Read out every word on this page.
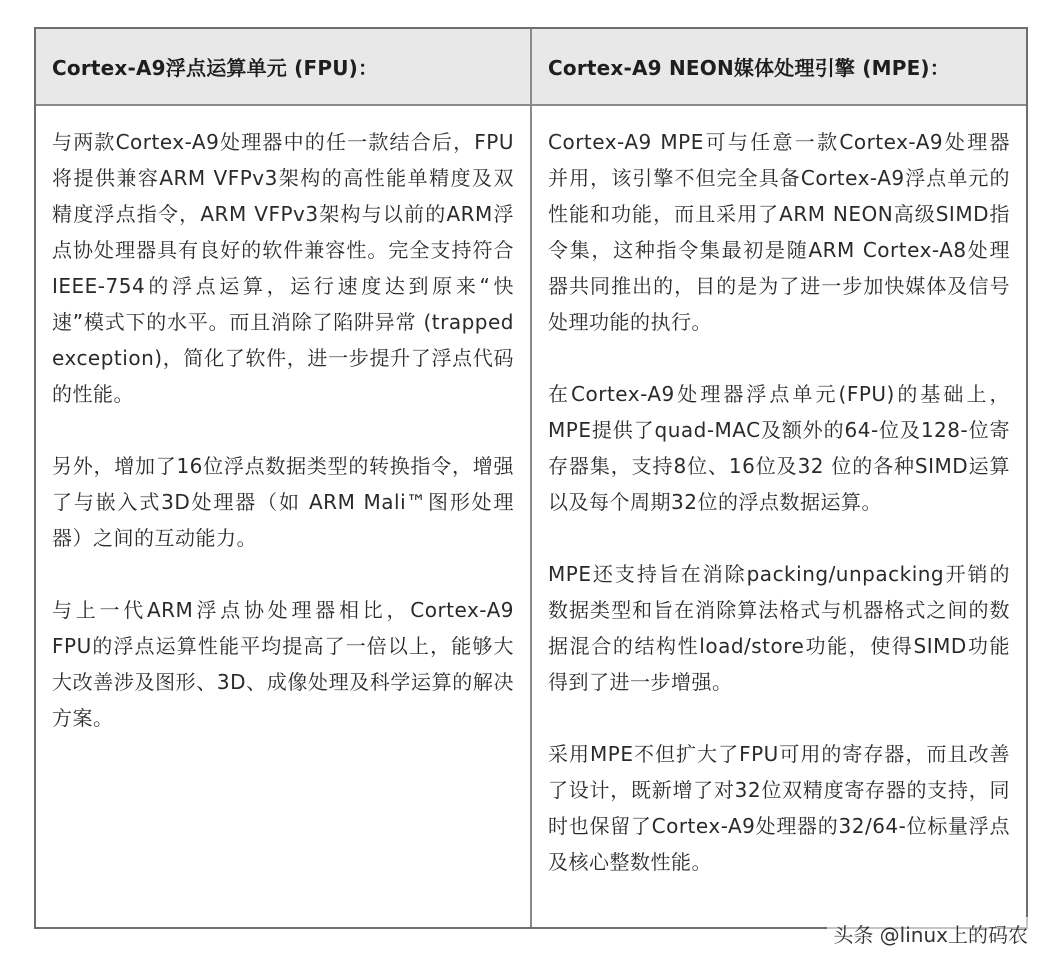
Cortex-A9浮点运算单元 (FPU)：	Cortex-A9 NEON媒体处理引擎 (MPE)：

与两款Cortex-A9处理器中的任一款结合后，FPU将提供兼容ARM VFPv3架构的高性能单精度及双精度浮点指令，ARM VFPv3架构与以前的ARM浮点协处理器具有良好的软件兼容性。完全支持符合 IEEE-754的浮点运算，运行速度达到原来“快速”模式下的水平。而且消除了陷阱异常 (trapped exception)，简化了软件，进一步提升了浮点代码的性能。

另外，增加了16位浮点数据类型的转换指令，增强了与嵌入式3D处理器（如 ARM Mali™图形处理器）之间的互动能力。

与上一代ARM浮点协处理器相比，Cortex-A9 FPU的浮点运算性能平均提高了一倍以上，能够大大改善涉及图形、3D、成像处理及科学运算的解决方案。

Cortex-A9 MPE可与任意一款Cortex-A9处理器并用，该引擎不但完全具备Cortex-A9浮点单元的性能和功能，而且采用了ARM NEON高级SIMD指令集，这种指令集最初是随ARM Cortex-A8处理器共同推出的，目的是为了进一步加快媒体及信号处理功能的执行。

在Cortex-A9处理器浮点单元(FPU)的基础上，MPE提供了quad-MAC及额外的64-位及128-位寄存器集，支持8位、16位及32 位的各种SIMD运算以及每个周期32位的浮点数据运算。

MPE还支持旨在消除packing/unpacking开销的数据类型和旨在消除算法格式与机器格式之间的数据混合的结构性load/store功能，使得SIMD功能得到了进一步增强。

采用MPE不但扩大了FPU可用的寄存器，而且改善了设计，既新增了对32位双精度寄存器的支持，同时也保留了Cortex-A9处理器的32/64-位标量浮点及核心整数性能。

头条 @linux上的码农
